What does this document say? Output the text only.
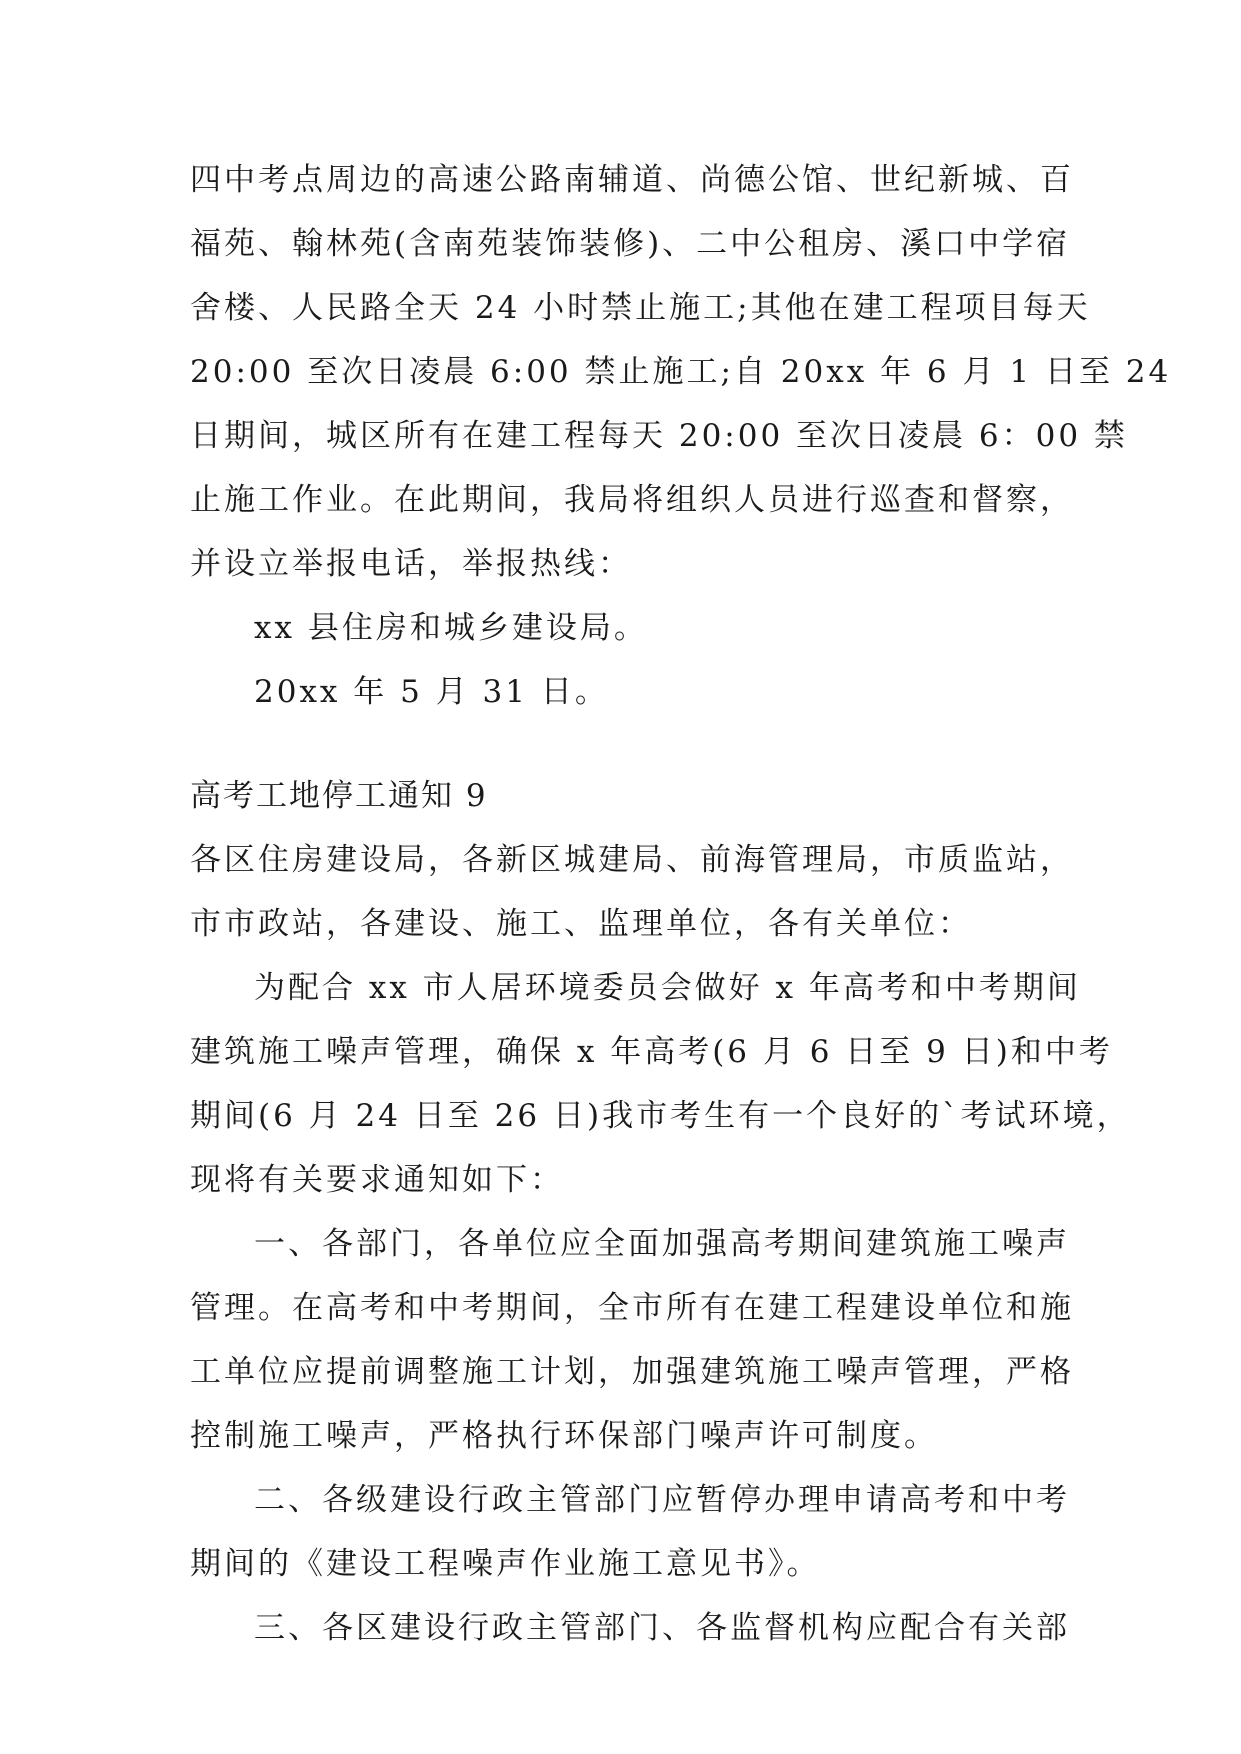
四中考点周边的高速公路南辅道、尚德公馆、世纪新城、百
福苑、翰林苑(含南苑装饰装修)、二中公租房、溪口中学宿
舍楼、人民路全天 24 小时禁止施工;其他在建工程项目每天
20:00 至次日凌晨 6:00 禁止施工;自 20xx 年 6 月 1 日至 24
日期间，城区所有在建工程每天 20:00 至次日凌晨 6：00 禁
止施工作业。在此期间，我局将组织人员进行巡查和督察，
并设立举报电话，举报热线：
xx 县住房和城乡建设局。
20xx 年 5 月 31 日。
高考工地停工通知 9
各区住房建设局，各新区城建局、前海管理局，市质监站，
市市政站，各建设、施工、监理单位，各有关单位：
为配合 xx 市人居环境委员会做好 x 年高考和中考期间
建筑施工噪声管理，确保 x 年高考(6 月 6 日至 9 日)和中考
期间(6 月 24 日至 26 日)我市考生有一个良好的`考试环境，
现将有关要求通知如下：
一、各部门，各单位应全面加强高考期间建筑施工噪声
管理。在高考和中考期间，全市所有在建工程建设单位和施
工单位应提前调整施工计划，加强建筑施工噪声管理，严格
控制施工噪声，严格执行环保部门噪声许可制度。
二、各级建设行政主管部门应暂停办理申请高考和中考
期间的《建设工程噪声作业施工意见书》。
三、各区建设行政主管部门、各监督机构应配合有关部
